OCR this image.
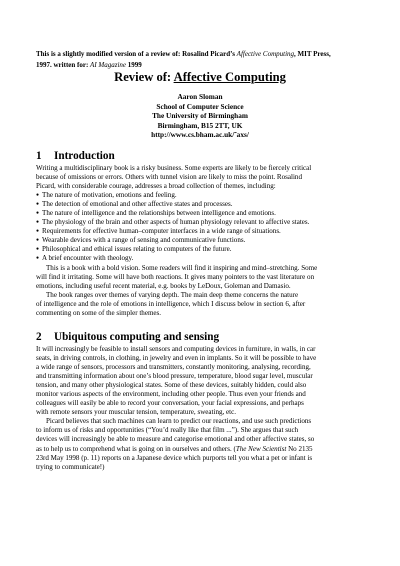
This is a slightly modified version of a review of: Rosalind Picard’s Affective Computing, MIT Press,
1997. written for: AI Magazine 1999
Review of: Affective Computing
Aaron Sloman
School of Computer Science
The University of Birmingham
Birmingham, B15 2TT, UK
http://www.cs.bham.ac.uk/˜axs/
1 Introduction
Writing a multidisciplinary book is a risky business. Some experts are likely to be fiercely critical
because of omissions or errors. Others with tunnel vision are likely to miss the point. Rosalind
Picard, with considerable courage, addresses a broad collection of themes, including:
● The nature of motivation, emotions and feeling.
● The detection of emotional and other affective states and processes.
● The nature of intelligence and the relationships between intelligence and emotions.
● The physiology of the brain and other aspects of human physiology relevant to affective states.
● Requirements for effective human–computer interfaces in a wide range of situations.
● Wearable devices with a range of sensing and communicative functions.
● Philosophical and ethical issues relating to computers of the future.
● A brief encounter with theology.
This is a book with a bold vision. Some readers will find it inspiring and mind–stretching. Some
will find it irritating. Some will have both reactions. It gives many pointers to the vast literature on
emotions, including useful recent material, e.g. books by LeDoux, Goleman and Damasio.
The book ranges over themes of varying depth. The main deep theme concerns the nature
of intelligence and the role of emotions in intelligence, which I discuss below in section 6, after
commenting on some of the simpler themes.
2 Ubiquitous computing and sensing
It will increasingly be feasible to install sensors and computing devices in furniture, in walls, in car
seats, in driving controls, in clothing, in jewelry and even in implants. So it will be possible to have
a wide range of sensors, processors and transmitters, constantly monitoring, analysing, recording,
and transmitting information about one’s blood pressure, temperature, blood sugar level, muscular
tension, and many other physiological states. Some of these devices, suitably hidden, could also
monitor various aspects of the environment, including other people. Thus even your friends and
colleagues will easily be able to record your conversation, your facial expressions, and perhaps
with remote sensors your muscular tension, temperature, sweating, etc.
Picard believes that such machines can learn to predict our reactions, and use such predictions
to inform us of risks and opportunities (“You’d really like that film ...”). She argues that such
devices will increasingly be able to measure and categorise emotional and other affective states, so
as to help us to comprehend what is going on in ourselves and others. (The New Scientist No 2135
23rd May 1998 (p. 11) reports on a Japanese device which purports tell you what a pet or infant is
trying to communicate!)
